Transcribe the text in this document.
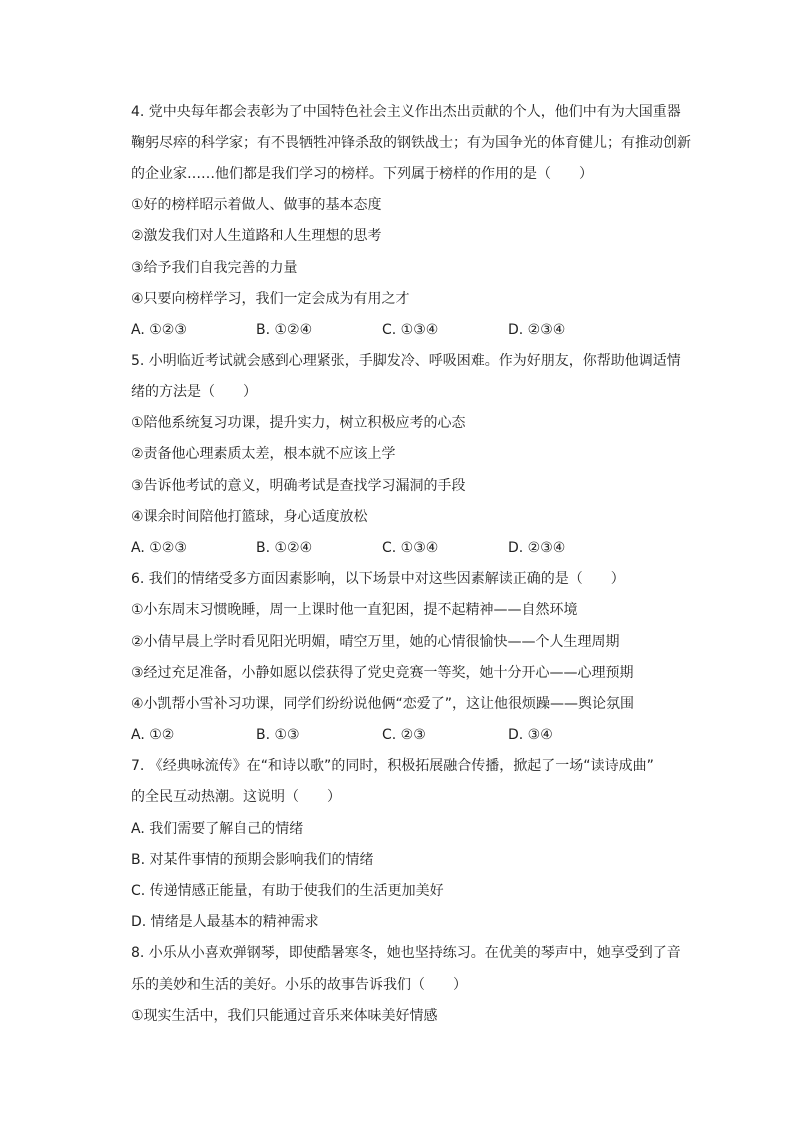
4. 党中央每年都会表彰为了中国特色社会主义作出杰出贡献的个人，他们中有为大国重器
鞠躬尽瘁的科学家；有不畏牺牲冲锋杀敌的钢铁战士；有为国争光的体育健儿；有推动创新
的企业家……他们都是我们学习的榜样。下列属于榜样的作用的是（　　）
①好的榜样昭示着做人、做事的基本态度
②激发我们对人生道路和人生理想的思考
③给予我们自我完善的力量
④只要向榜样学习，我们一定会成为有用之才
A. ①②③	B. ①②④	C. ①③④	D. ②③④
5. 小明临近考试就会感到心理紧张，手脚发冷、呼吸困难。作为好朋友，你帮助他调适情
绪的方法是（　　）
①陪他系统复习功课，提升实力，树立积极应考的心态
②责备他心理素质太差，根本就不应该上学
③告诉他考试的意义，明确考试是查找学习漏洞的手段
④课余时间陪他打篮球，身心适度放松
A. ①②③	B. ①②④	C. ①③④	D. ②③④
6. 我们的情绪受多方面因素影响，以下场景中对这些因素解读正确的是（　　）
①小东周末习惯晚睡，周一上课时他一直犯困，提不起精神——自然环境
②小倩早晨上学时看见阳光明媚，晴空万里，她的心情很愉快——个人生理周期
③经过充足准备，小静如愿以偿获得了党史竞赛一等奖，她十分开心——心理预期
④小凯帮小雪补习功课，同学们纷纷说他俩“恋爱了”，这让他很烦躁——舆论氛围
A. ①②	B. ①③	C. ②③	D. ③④
7. 《经典咏流传》在“和诗以歌”的同时，积极拓展融合传播，掀起了一场“读诗成曲”
的全民互动热潮。这说明（　　）
A. 我们需要了解自己的情绪
B. 对某件事情的预期会影响我们的情绪
C. 传递情感正能量，有助于使我们的生活更加美好
D. 情绪是人最基本的精神需求
8. 小乐从小喜欢弹钢琴，即使酷暑寒冬，她也坚持练习。在优美的琴声中，她享受到了音
乐的美妙和生活的美好。小乐的故事告诉我们（　　）
①现实生活中，我们只能通过音乐来体味美好情感
